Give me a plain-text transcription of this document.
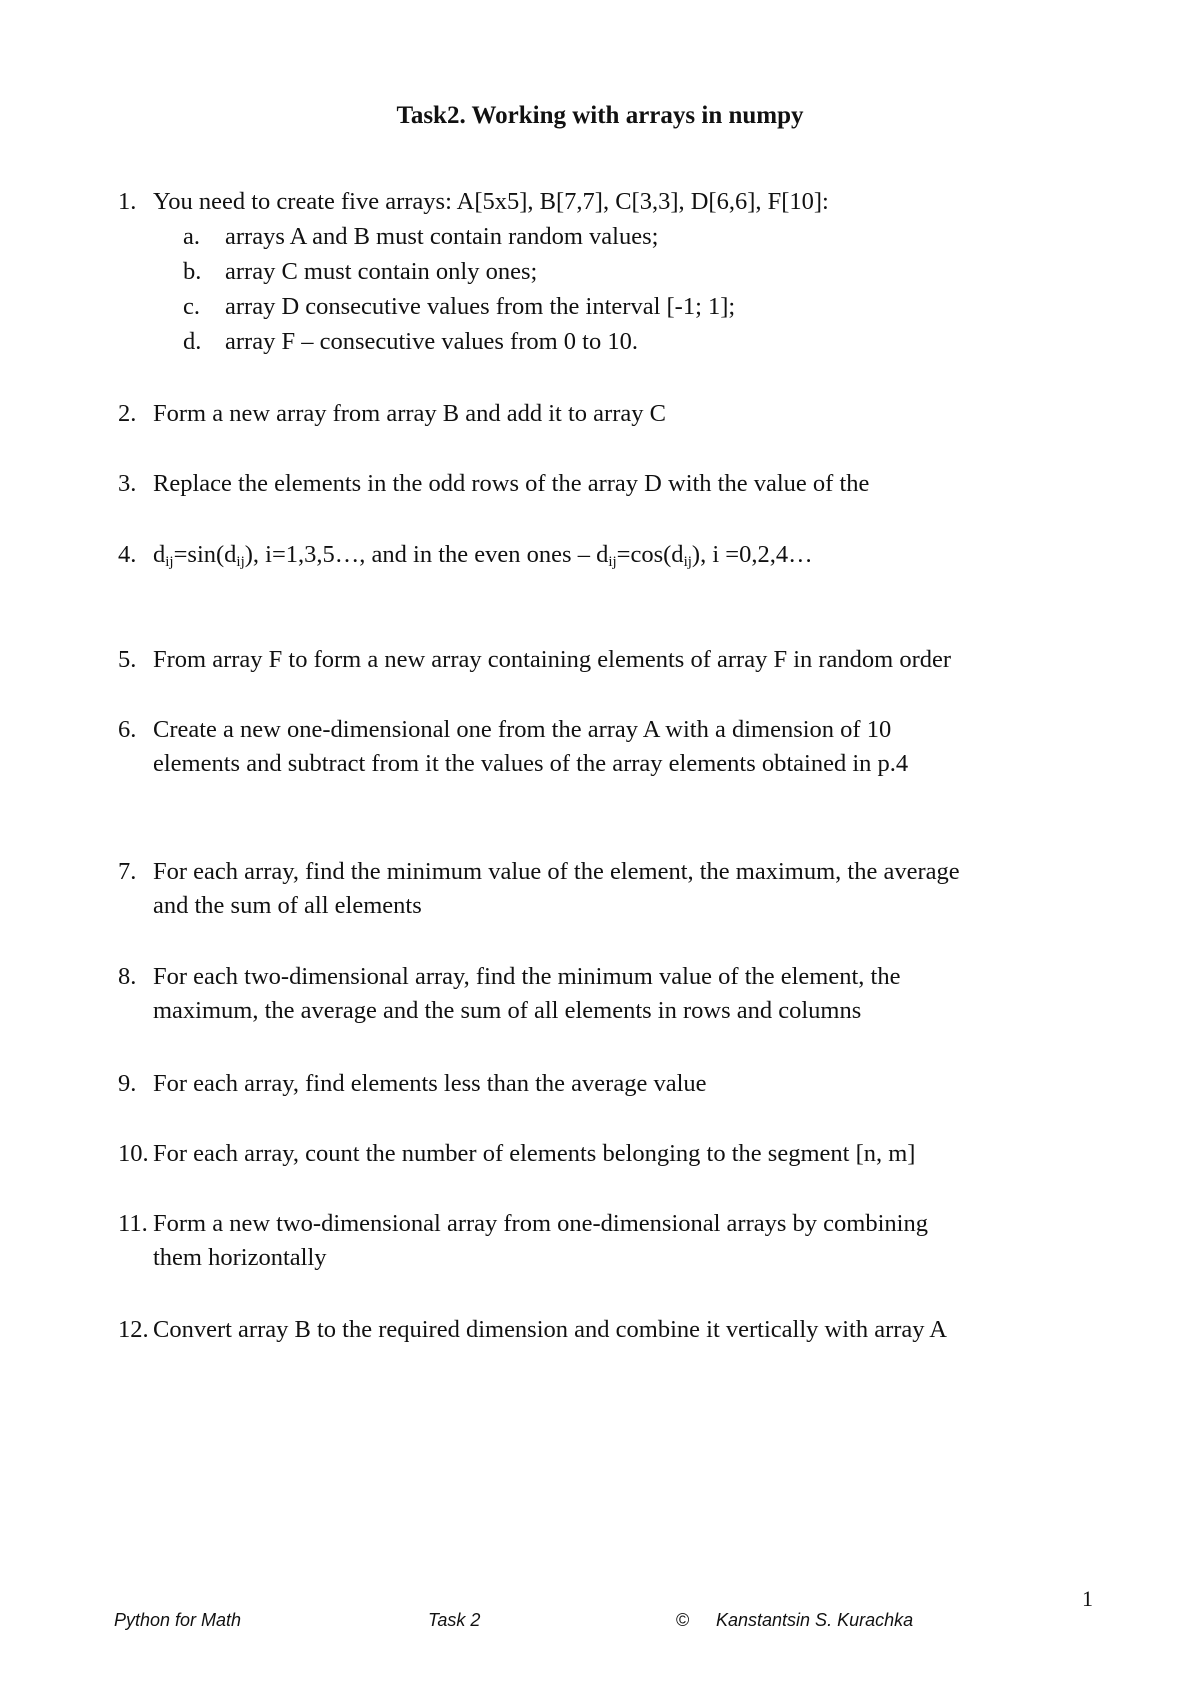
Task2. Working with arrays in numpy
1. You need to create five arrays: A[5x5], B[7,7], C[3,3], D[6,6], F[10]:
a. arrays A and B must contain random values;
b. array C must contain only ones;
c. array D consecutive values from the interval [-1; 1];
d. array F – consecutive values from 0 to 10.
2. Form a new array from array B and add it to array C
3. Replace the elements in the odd rows of the array D with the value of the
4. $d_{ij}=\sin(d_{ij})$, i=1,3,5…, and in the even ones – $d_{ij}=\cos(d_{ij})$, i =0,2,4…
5. From array F to form a new array containing elements of array F in random order
6. Create a new one-dimensional one from the array A with a dimension of 10
elements and subtract from it the values of the array elements obtained in p.4
7. For each array, find the minimum value of the element, the maximum, the average
and the sum of all elements
8. For each two-dimensional array, find the minimum value of the element, the
maximum, the average and the sum of all elements in rows and columns
9. For each array, find elements less than the average value
10. For each array, count the number of elements belonging to the segment [n, m]
11. Form a new two-dimensional array from one-dimensional arrays by combining
them horizontally
12. Convert array B to the required dimension and combine it vertically with array A
1
Python for Math	Task 2	© Kanstantsin S. Kurachka
